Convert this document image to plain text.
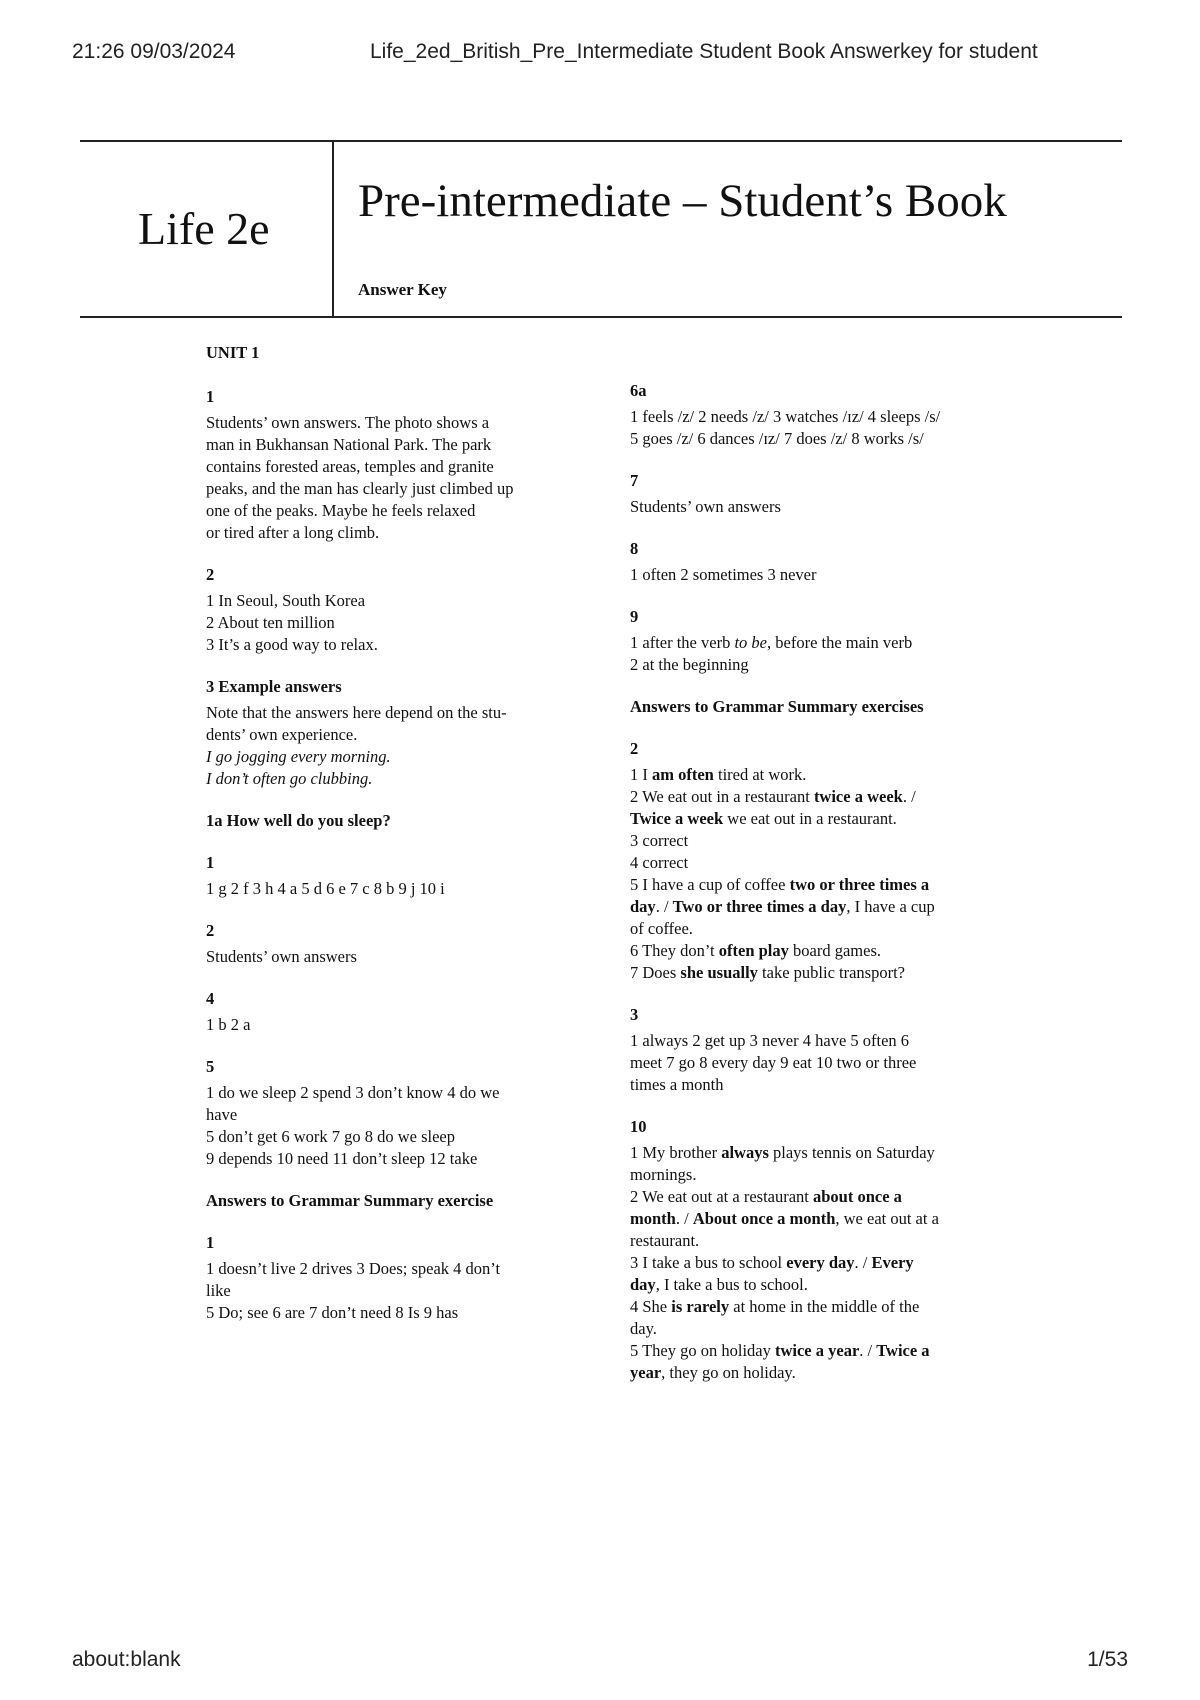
21:26 09/03/2024	Life_2ed_British_Pre_Intermediate Student Book Answerkey for student
Life 2e
Pre-intermediate – Student’s Book
Answer Key
UNIT 1
1
Students’ own answers. The photo shows a
man in Bukhansan National Park. The park
contains forested areas, temples and granite
peaks, and the man has clearly just climbed up
one of the peaks. Maybe he feels relaxed
or tired after a long climb.
2
1 In Seoul, South Korea
2 About ten million
3 It’s a good way to relax.
3 Example answers
Note that the answers here depend on the stu-
dents’ own experience.
I go jogging every morning.
I don’t often go clubbing.
1a How well do you sleep?
1
1 g 2 f 3 h 4 a 5 d 6 e 7 c 8 b 9 j 10 i
2
Students’ own answers
4
1 b 2 a
5
1 do we sleep 2 spend 3 don’t know 4 do we
have
5 don’t get 6 work 7 go 8 do we sleep
9 depends 10 need 11 don’t sleep 12 take
Answers to Grammar Summary exercise
1
1 doesn’t live 2 drives 3 Does; speak 4 don’t
like
5 Do; see 6 are 7 don’t need 8 Is 9 has
6a
1 feels /z/ 2 needs /z/ 3 watches /ɪz/ 4 sleeps /s/
5 goes /z/ 6 dances /ɪz/ 7 does /z/ 8 works /s/
7
Students’ own answers
8
1 often 2 sometimes 3 never
9
1 after the verb to be, before the main verb
2 at the beginning
Answers to Grammar Summary exercises
2
1 I am often tired at work.
2 We eat out in a restaurant twice a week. /
Twice a week we eat out in a restaurant.
3 correct
4 correct
5 I have a cup of coffee two or three times a
day. / Two or three times a day, I have a cup
of coffee.
6 They don’t often play board games.
7 Does she usually take public transport?
3
1 always 2 get up 3 never 4 have 5 often 6
meet 7 go 8 every day 9 eat 10 two or three
times a month
10
1 My brother always plays tennis on Saturday
mornings.
2 We eat out at a restaurant about once a
month. / About once a month, we eat out at a
restaurant.
3 I take a bus to school every day. / Every
day, I take a bus to school.
4 She is rarely at home in the middle of the
day.
5 They go on holiday twice a year. / Twice a
year, they go on holiday.
about:blank	1/53
